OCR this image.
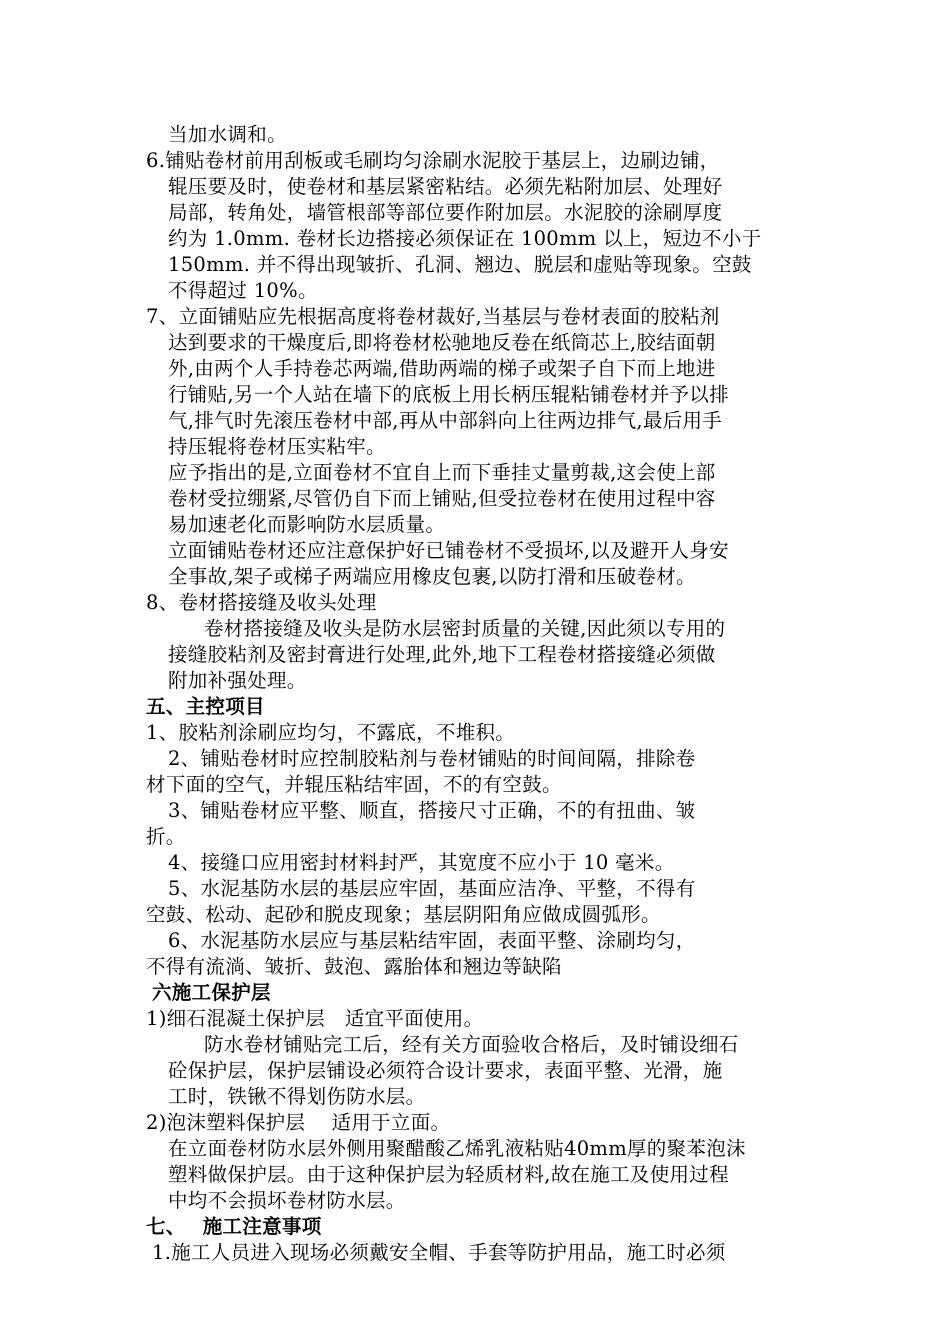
当加水调和。
6.铺贴卷材前用刮板或毛刷均匀涂刷水泥胶于基层上，边刷边铺，
辊压要及时，使卷材和基层紧密粘结。必须先粘附加层、处理好
局部，转角处，墙管根部等部位要作附加层。水泥胶的涂刷厚度
约为 1.0mm. 卷材长边搭接必须保证在 100mm 以上，短边不小于
150mm. 并不得出现皱折、孔洞、翘边、脱层和虚贴等现象。空鼓
不得超过 10%。
7、立面铺贴应先根据高度将卷材裁好,当基层与卷材表面的胶粘剂
达到要求的干燥度后,即将卷材松驰地反卷在纸筒芯上,胶结面朝
外,由两个人手持卷芯两端,借助两端的梯子或架子自下而上地进
行铺贴,另一个人站在墙下的底板上用长柄压辊粘铺卷材并予以排
气,排气时先滚压卷材中部,再从中部斜向上往两边排气,最后用手
持压辊将卷材压实粘牢。
应予指出的是,立面卷材不宜自上而下垂挂丈量剪裁,这会使上部
卷材受拉绷紧,尽管仍自下而上铺贴,但受拉卷材在使用过程中容
易加速老化而影响防水层质量。
立面铺贴卷材还应注意保护好已铺卷材不受损坏,以及避开人身安
全事故,架子或梯子两端应用橡皮包裹,以防打滑和压破卷材。
8、卷材搭接缝及收头处理
卷材搭接缝及收头是防水层密封质量的关键,因此须以专用的
接缝胶粘剂及密封膏进行处理,此外,地下工程卷材搭接缝必须做
附加补强处理。
五、主控项目
1、胶粘剂涂刷应均匀，不露底，不堆积。
2、铺贴卷材时应控制胶粘剂与卷材铺贴的时间间隔，排除卷
材下面的空气，并辊压粘结牢固，不的有空鼓。
3、铺贴卷材应平整、顺直，搭接尺寸正确，不的有扭曲、皱
折。
4、接缝口应用密封材料封严，其宽度不应小于 10 毫米。
5、水泥基防水层的基层应牢固，基面应洁净、平整，不得有
空鼓、松动、起砂和脱皮现象；基层阴阳角应做成圆弧形。
6、水泥基防水层应与基层粘结牢固，表面平整、涂刷均匀，
不得有流淌、皱折、鼓泡、露胎体和翘边等缺陷
六施工保护层
1)细石混凝土保护层　适宜平面使用。
防水卷材铺贴完工后，经有关方面验收合格后，及时铺设细石
砼保护层，保护层铺设必须符合设计要求，表面平整、光滑，施
工时，铁锹不得划伤防水层。
2)泡沫塑料保护层　 适用于立面。
在立面卷材防水层外侧用聚醋酸乙烯乳液粘贴40mm厚的聚苯泡沫
塑料做保护层。由于这种保护层为轻质材料,故在施工及使用过程
中均不会损坏卷材防水层。
七、　 施工注意事项
1.施工人员进入现场必须戴安全帽、手套等防护用品，施工时必须
